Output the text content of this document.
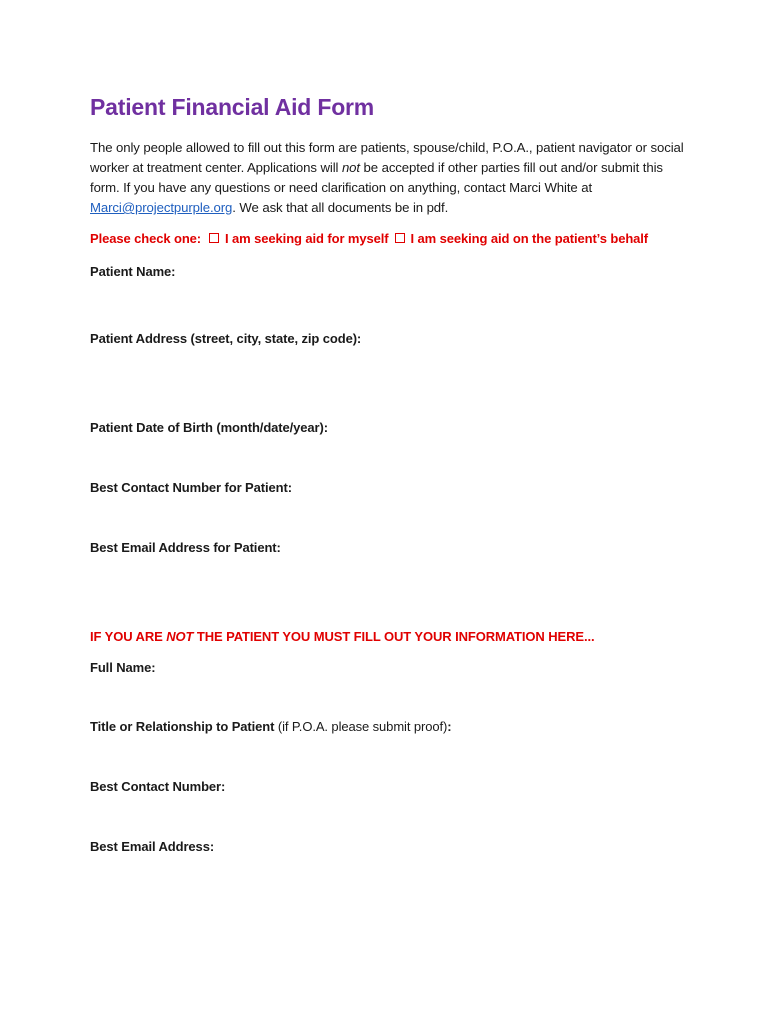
Patient Financial Aid Form
The only people allowed to fill out this form are patients, spouse/child, P.O.A., patient navigator or social worker at treatment center. Applications will not be accepted if other parties fill out and/or submit this form. If you have any questions or need clarification on anything, contact Marci White at Marci@projectpurple.org. We ask that all documents be in pdf.
Please check one: I am seeking aid for myself I am seeking aid on the patient’s behalf
Patient Name:
Patient Address (street, city, state, zip code):
Patient Date of Birth (month/date/year):
Best Contact Number for Patient:
Best Email Address for Patient:
IF YOU ARE NOT THE PATIENT YOU MUST FILL OUT YOUR INFORMATION HERE...
Full Name:
Title or Relationship to Patient (if P.O.A. please submit proof):
Best Contact Number:
Best Email Address:
